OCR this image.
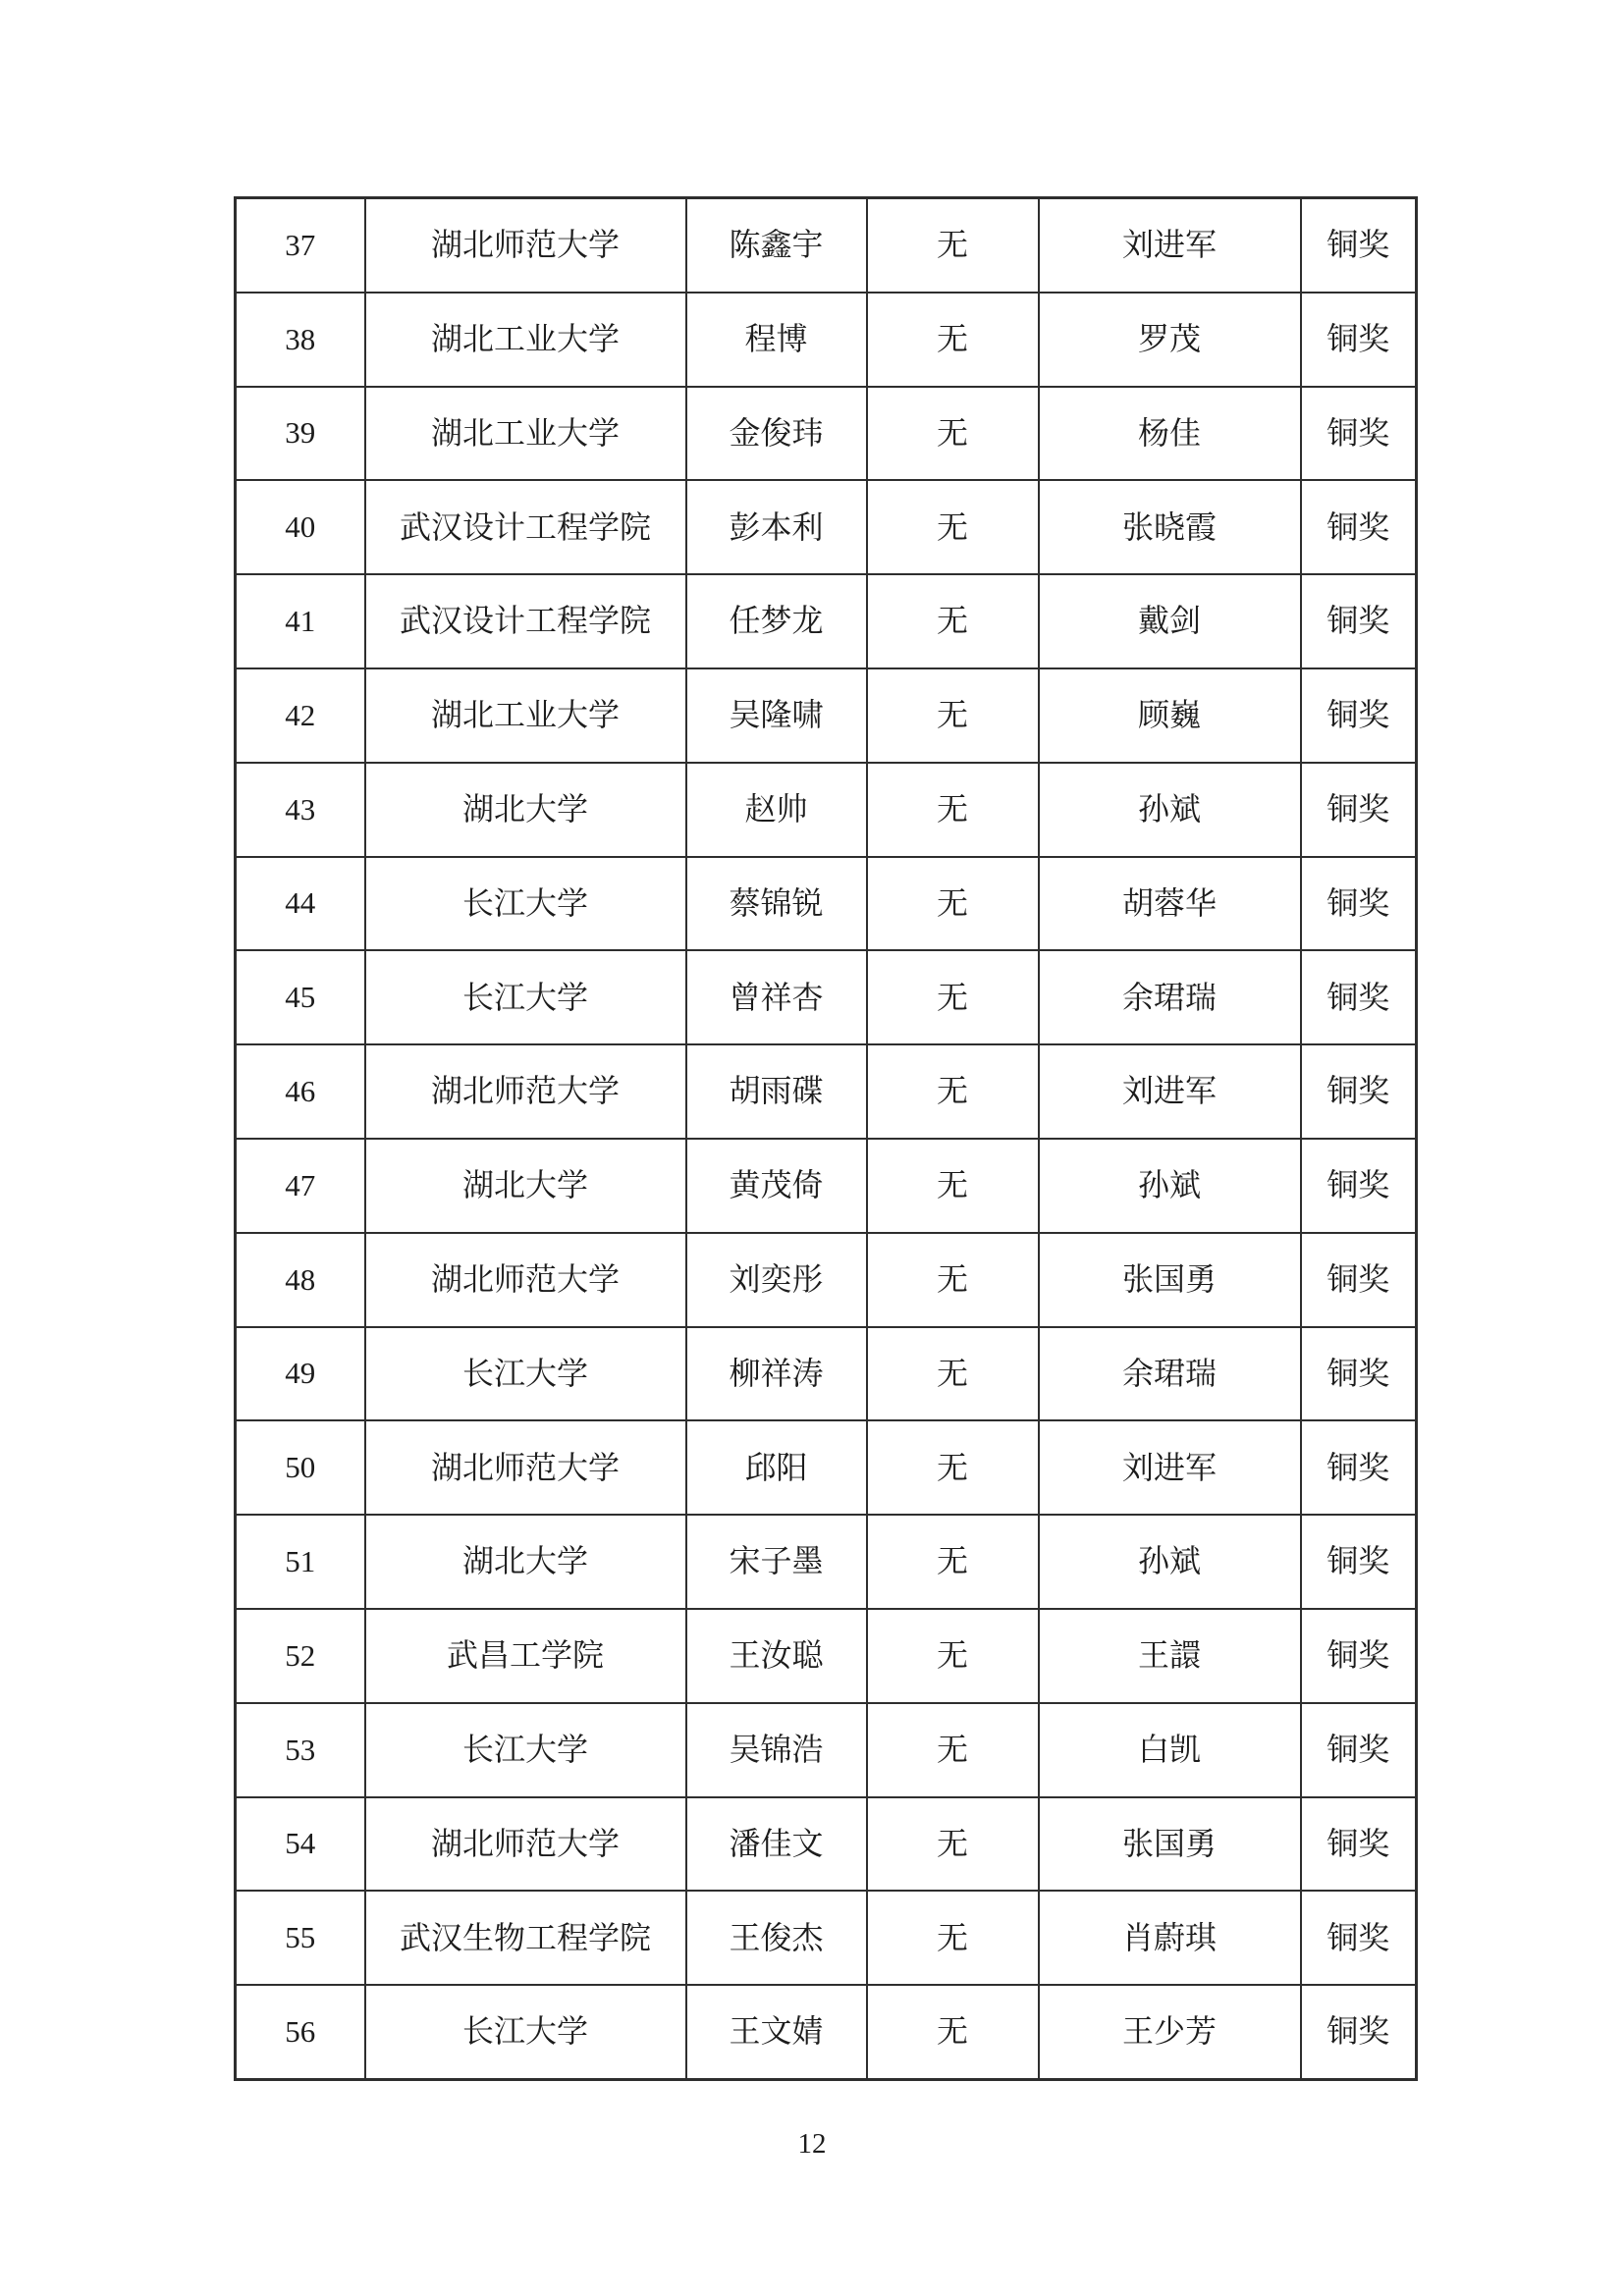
37	湖北师范大学	陈鑫宇	无	刘进军	铜奖
38	湖北工业大学	程博	无	罗茂	铜奖
39	湖北工业大学	金俊玮	无	杨佳	铜奖
40	武汉设计工程学院	彭本利	无	张晓霞	铜奖
41	武汉设计工程学院	任梦龙	无	戴剑	铜奖
42	湖北工业大学	吴隆啸	无	顾巍	铜奖
43	湖北大学	赵帅	无	孙斌	铜奖
44	长江大学	蔡锦锐	无	胡蓉华	铜奖
45	长江大学	曾祥杏	无	余珺瑞	铜奖
46	湖北师范大学	胡雨碟	无	刘进军	铜奖
47	湖北大学	黄茂倚	无	孙斌	铜奖
48	湖北师范大学	刘奕彤	无	张国勇	铜奖
49	长江大学	柳祥涛	无	余珺瑞	铜奖
50	湖北师范大学	邱阳	无	刘进军	铜奖
51	湖北大学	宋子墨	无	孙斌	铜奖
52	武昌工学院	王汝聪	无	王譞	铜奖
53	长江大学	吴锦浩	无	白凯	铜奖
54	湖北师范大学	潘佳文	无	张国勇	铜奖
55	武汉生物工程学院	王俊杰	无	肖蔚琪	铜奖
56	长江大学	王文婧	无	王少芳	铜奖
12
